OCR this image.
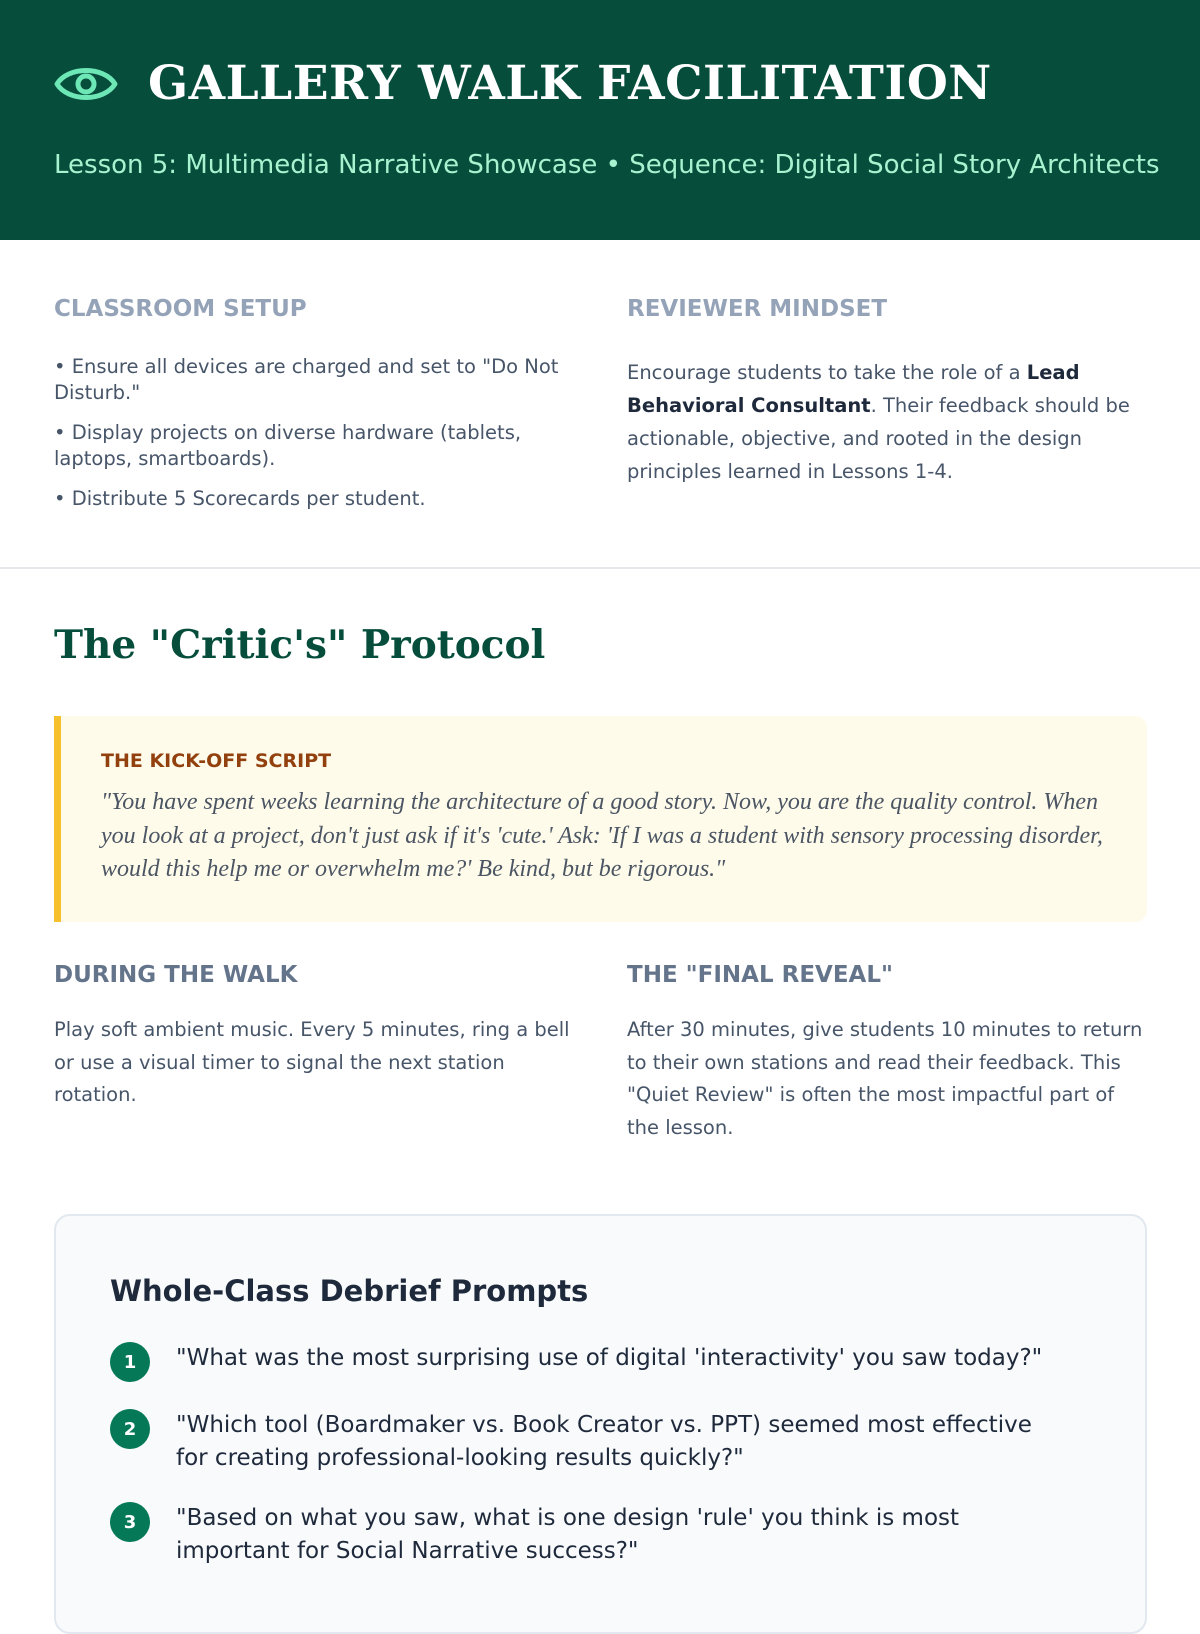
GALLERY WALK FACILITATION
Lesson 5: Multimedia Narrative Showcase • Sequence: Digital Social Story Architects
CLASSROOM SETUP
• Ensure all devices are charged and set to "Do Not Disturb."
• Display projects on diverse hardware (tablets, laptops, smartboards).
• Distribute 5 Scorecards per student.
REVIEWER MINDSET

Encourage students to take the role of a Lead Behavioral Consultant. Their feedback should be actionable, objective, and rooted in the design principles learned in Lessons 1-4.

The "Critic's" Protocol
THE KICK-OFF SCRIPT

"You have spent weeks learning the architecture of a good story. Now, you are the quality control. When you look at a project, don't just ask if it's 'cute.' Ask: 'If I was a student with sensory processing disorder, would this help me or overwhelm me?' Be kind, but be rigorous."

DURING THE WALK

Play soft ambient music. Every 5 minutes, ring a bell or use a visual timer to signal the next station rotation.

THE "FINAL REVEAL"

After 30 minutes, give students 10 minutes to return to their own stations and read their feedback. This "Quiet Review" is often the most impactful part of the lesson.

Whole-Class Debrief Prompts
1	"What was the most surprising use of digital 'interactivity' you saw today?"
2	"Which tool (Boardmaker vs. Book Creator vs. PPT) seemed most effective for creating professional-looking results quickly?"
3	"Based on what you saw, what is one design 'rule' you think is most important for Social Narrative success?"
